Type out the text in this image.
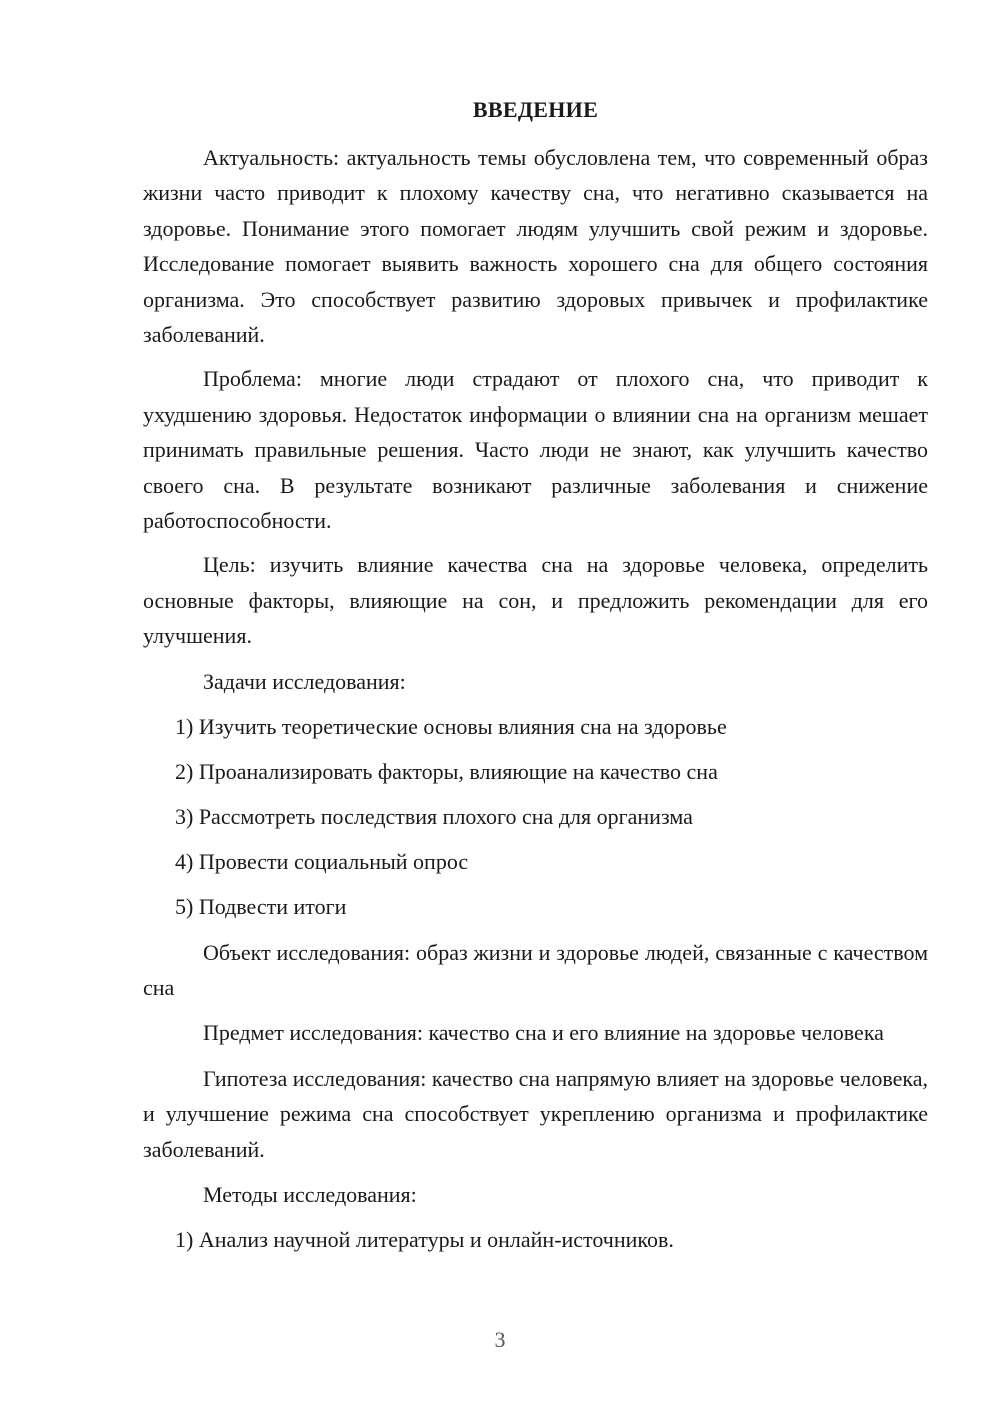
ВВЕДЕНИЕ

Актуальность: актуальность темы обусловлена тем, что современный образ жизни часто приводит к плохому качеству сна, что негативно сказывается на здоровье. Понимание этого помогает людям улучшить свой режим и здоровье. Исследование помогает выявить важность хорошего сна для общего состояния организма. Это способствует развитию здоровых привычек и профилактике заболеваний.

Проблема: многие люди страдают от плохого сна, что приводит к ухудшению здоровья. Недостаток информации о влиянии сна на организм мешает принимать правильные решения. Часто люди не знают, как улучшить качество своего сна. В результате возникают различные заболевания и снижение работоспособности.

Цель: изучить влияние качества сна на здоровье человека, определить основные факторы, влияющие на сон, и предложить рекомендации для его улучшения.

Задачи исследования:
1) Изучить теоретические основы влияния сна на здоровье
2) Проанализировать факторы, влияющие на качество сна
3) Рассмотреть последствия плохого сна для организма
4) Провести социальный опрос
5) Подвести итоги

Объект исследования: образ жизни и здоровье людей, связанные с качеством сна

Предмет исследования: качество сна и его влияние на здоровье человека

Гипотеза исследования: качество сна напрямую влияет на здоровье человека, и улучшение режима сна способствует укреплению организма и профилактике заболеваний.

Методы исследования:
1) Анализ научной литературы и онлайн-источников.
3
